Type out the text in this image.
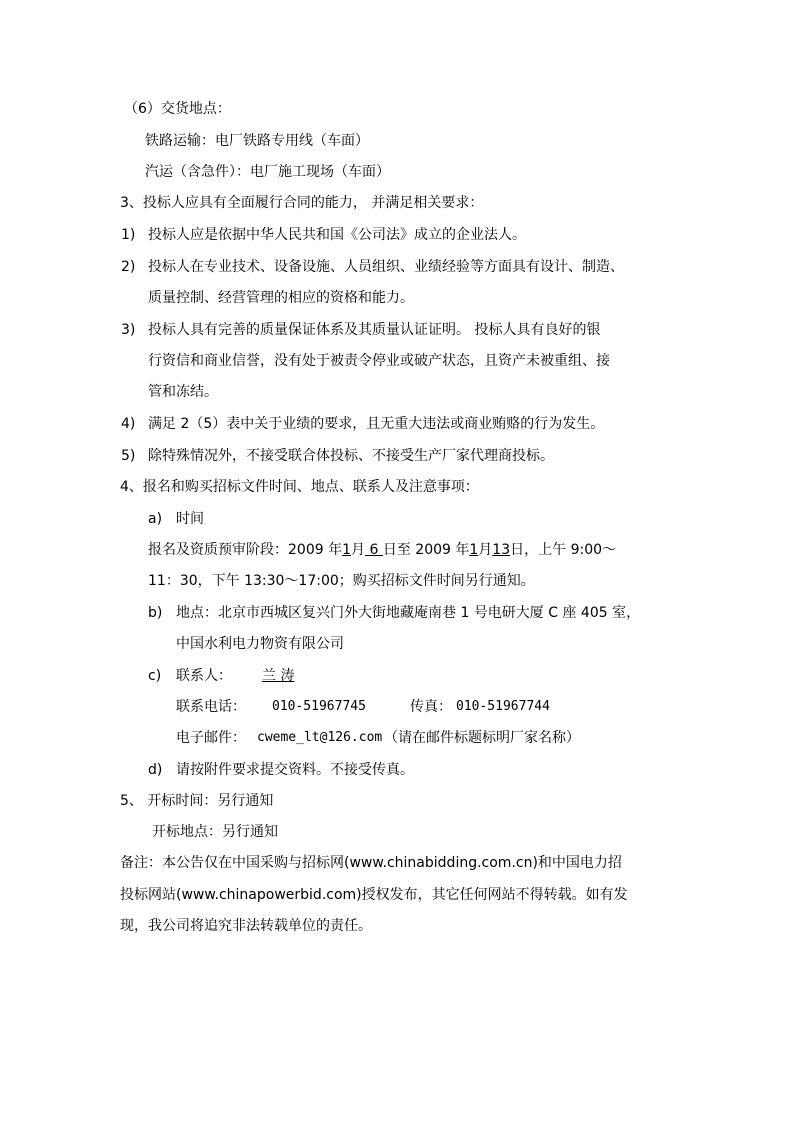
（6）交货地点：
铁路运输：电厂铁路专用线（车面）
汽运（含急件）：电厂施工现场（车面）
3、投标人应具有全面履行合同的能力， 并满足相关要求：
1) 投标人应是依据中华人民共和国《公司法》成立的企业法人。
2) 投标人在专业技术、设备设施、人员组织、业绩经验等方面具有设计、制造、
质量控制、经营管理的相应的资格和能力。
3) 投标人具有完善的质量保证体系及其质量认证证明。 投标人具有良好的银
行资信和商业信誉，没有处于被责令停业或破产状态，且资产未被重组、接
管和冻结。
4) 满足 2（5）表中关于业绩的要求，且无重大违法或商业贿赂的行为发生。
5) 除特殊情况外，不接受联合体投标、不接受生产厂家代理商投标。
4、报名和购买招标文件时间、地点、联系人及注意事项：
a) 时间
报名及资质预审阶段：2009 年1月 6 日至 2009 年1月13日，上午 9:00～
11：30，下午 13:30～17:00；购买招标文件时间另行通知。
b) 地点：北京市西城区复兴门外大街地藏庵南巷 1 号电研大厦 C 座 405 室，
中国水利电力物资有限公司
c) 联系人： 兰 涛
联系电话： 010-51967745	传真： 010-51967744
电子邮件： cweme_lt@126.com （请在邮件标题标明厂家名称）
d) 请按附件要求提交资料。不接受传真。
5、 开标时间：另行通知
开标地点：另行通知
备注：本公告仅在中国采购与招标网(www.chinabidding.com.cn)和中国电力招
投标网站(www.chinapowerbid.com)授权发布，其它任何网站不得转载。如有发
现，我公司将追究非法转载单位的责任。
